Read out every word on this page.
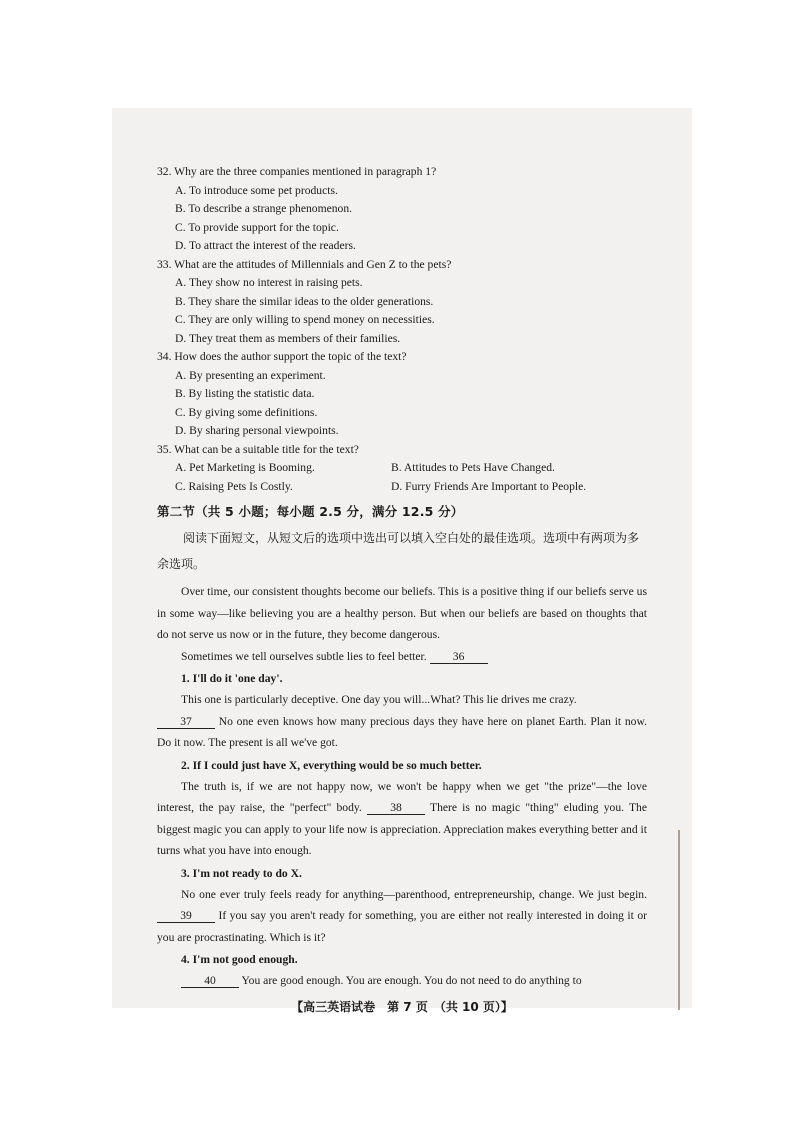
32. Why are the three companies mentioned in paragraph 1?

A. To introduce some pet products.

B. To describe a strange phenomenon.

C. To provide support for the topic.

D. To attract the interest of the readers.

33. What are the attitudes of Millennials and Gen Z to the pets?

A. They show no interest in raising pets.

B. They share the similar ideas to the older generations.

C. They are only willing to spend money on necessities.

D. They treat them as members of their families.

34. How does the author support the topic of the text?

A. By presenting an experiment.

B. By listing the statistic data.

C. By giving some definitions.

D. By sharing personal viewpoints.

35. What can be a suitable title for the text?

A. Pet Marketing is Booming.	B. Attitudes to Pets Have Changed.
C. Raising Pets Is Costly.	D. Furry Friends Are Important to People.
第二节（共 5 小题；每小题 2.5 分，满分 12.5 分）

阅读下面短文，从短文后的选项中选出可以填入空白处的最佳选项。选项中有两项为多余选项。

Over time, our consistent thoughts become our beliefs. This is a positive thing if our beliefs serve us in some way—like believing you are a healthy person. But when our beliefs are based on thoughts that do not serve us now or in the future, they become dangerous.

Sometimes we tell ourselves subtle lies to feel better. 36

1. I'll do it 'one day'.

This one is particularly deceptive. One day you will...What? This lie drives me crazy.

37 No one even knows how many precious days they have here on planet Earth. Plan it now. Do it now. The present is all we've got.

2. If I could just have X, everything would be so much better.

The truth is, if we are not happy now, we won't be happy when we get "the prize"—the love interest, the pay raise, the "perfect" body. 38 There is no magic "thing" eluding you. The biggest magic you can apply to your life now is appreciation. Appreciation makes everything better and it turns what you have into enough.

3. I'm not ready to do X.

No one ever truly feels ready for anything—parenthood, entrepreneurship, change. We just begin. 39 If you say you aren't ready for something, you are either not really interested in doing it or you are procrastinating. Which is it?

4. I'm not good enough.

40 You are good enough. You are enough. You do not need to do anything to

【高三英语试卷　第 7 页　（共 10 页）】
